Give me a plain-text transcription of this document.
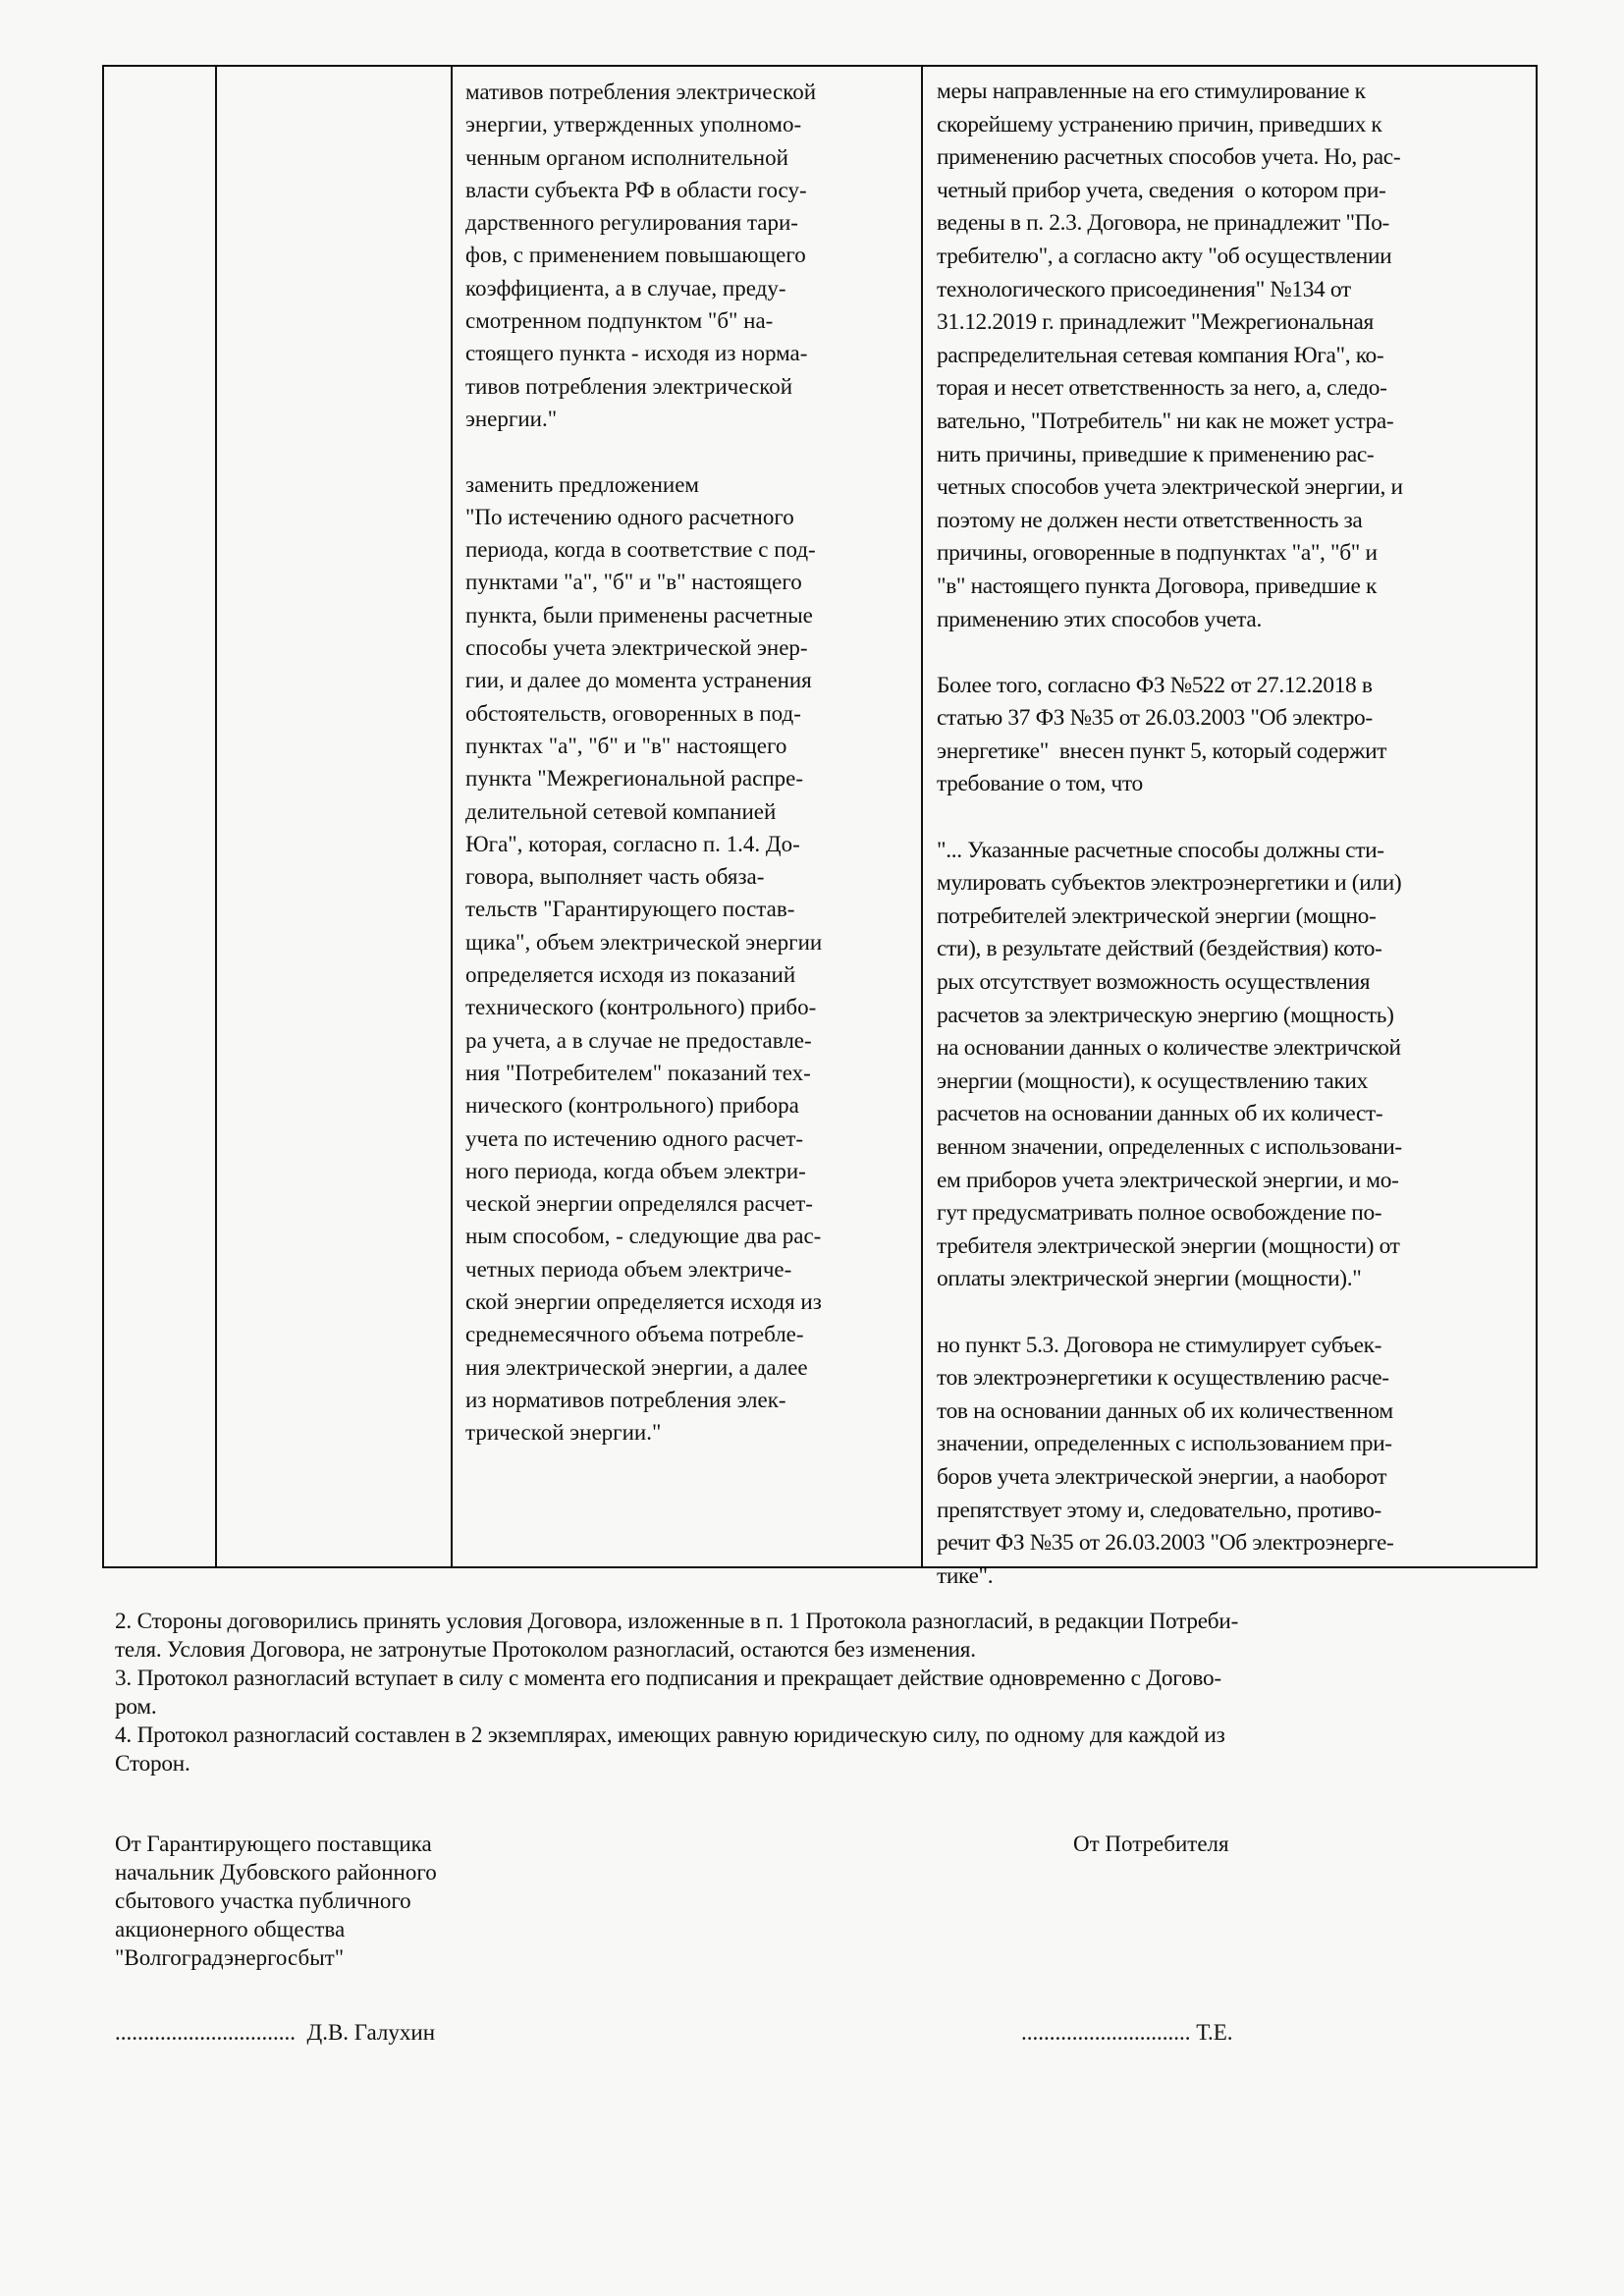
мативов потребления электрической
энергии, утвержденных уполномо-
ченным органом исполнительной
власти субъекта РФ в области госу-
дарственного регулирования тари-
фов, с применением повышающего
коэффициента, а в случае, преду-
смотренном подпунктом "б" на-
стоящего пункта - исходя из норма-
тивов потребления электрической
энергии."
заменить предложением
"По истечению одного расчетного
периода, когда в соответствие с под-
пунктами "а", "б" и "в" настоящего
пункта, были применены расчетные
способы учета электрической энер-
гии, и далее до момента устранения
обстоятельств, оговоренных в под-
пунктах "а", "б" и "в" настоящего
пункта "Межрегиональной распре-
делительной сетевой компанией
Юга", которая, согласно п. 1.4. До-
говора, выполняет часть обяза-
тельств "Гарантирующего постав-
щика", объем электрической энергии
определяется исходя из показаний
технического (контрольного) прибо-
ра учета, а в случае не предоставле-
ния "Потребителем" показаний тех-
нического (контрольного) прибора
учета по истечению одного расчет-
ного периода, когда объем электри-
ческой энергии определялся расчет-
ным способом, - следующие два рас-
четных периода объем электриче-
ской энергии определяется исходя из
среднемесячного объема потребле-
ния электрической энергии, а далее
из нормативов потребления элек-
трической энергии."
меры направленные на его стимулирование к
скорейшему устранению причин, приведших к
применению расчетных способов учета. Но, рас-
четный прибор учета, сведения  о котором при-
ведены в п. 2.3. Договора, не принадлежит "По-
требителю", а согласно акту "об осуществлении
технологического присоединения" №134 от
31.12.2019 г. принадлежит "Межрегиональная
распределительная сетевая компания Юга", ко-
торая и несет ответственность за него, а, следо-
вательно, "Потребитель" ни как не может устра-
нить причины, приведшие к применению рас-
четных способов учета электрической энергии, и
поэтому не должен нести ответственность за
причины, оговоренные в подпунктах "а", "б" и
"в" настоящего пункта Договора, приведшие к
применению этих способов учета.
Более того, согласно ФЗ №522 от 27.12.2018 в
статью 37 ФЗ №35 от 26.03.2003 "Об электро-
энергетике"  внесен пункт 5, который содержит
требование о том, что
"... Указанные расчетные способы должны сти-
мулировать субъектов электроэнергетики и (или)
потребителей электрической энергии (мощно-
сти), в результате действий (бездействия) кото-
рых отсутствует возможность осуществления
расчетов за электрическую энергию (мощность)
на основании данных о количестве электричской
энергии (мощности), к осуществлению таких
расчетов на основании данных об их количест-
венном значении, определенных с использовани-
ем приборов учета электрической энергии, и мо-
гут предусматривать полное освобождение по-
требителя электрической энергии (мощности) от
оплаты электрической энергии (мощности)."
но пункт 5.3. Договора не стимулирует субъек-
тов электроэнергетики к осуществлению расче-
тов на основании данных об их количественном
значении, определенных с использованием при-
боров учета электрической энергии, а наоборот
препятствует этому и, следовательно, противо-
речит ФЗ №35 от 26.03.2003 "Об электроэнерге-
тике".
2. Стороны договорились принять условия Договора, изложенные в п. 1 Протокола разногласий, в редакции Потреби-
теля. Условия Договора, не затронутые Протоколом разногласий, остаются без изменения.
3. Протокол разногласий вступает в силу с момента его подписания и прекращает действие одновременно с Догово-
ром.
4. Протокол разногласий составлен в 2 экземплярах, имеющих равную юридическую силу, по одному для каждой из
Сторон.
От Гарантирующего поставщика
начальник Дубовского районного
сбытового участка публичного
акционерного общества
"Волгоградэнергосбыт"
От Потребителя
................................ Д.В. Галухин	.............................. Т.Е.
